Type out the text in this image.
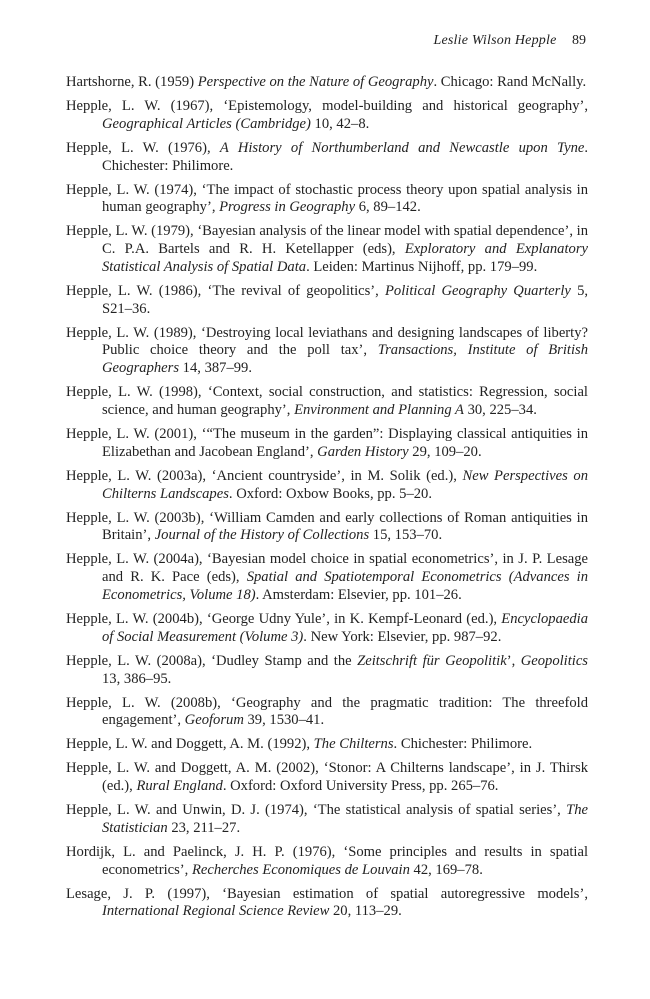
Leslie Wilson Hepple 89

Hartshorne, R. (1959) Perspective on the Nature of Geography. Chicago: Rand McNally.

Hepple, L. W. (1967), ‘Epistemology, model-building and historical geography’, Geographical Articles (Cambridge) 10, 42–8.

Hepple, L. W. (1976), A History of Northumberland and Newcastle upon Tyne. Chichester: Philimore.

Hepple, L. W. (1974), ‘The impact of stochastic process theory upon spatial analysis in human geography’, Progress in Geography 6, 89–142.

Hepple, L. W. (1979), ‘Bayesian analysis of the linear model with spatial dependence’, in C. P.A. Bartels and R. H. Ketellapper (eds), Exploratory and Explanatory Statistical Analysis of Spatial Data. Leiden: Martinus Nijhoff, pp. 179–99.

Hepple, L. W. (1986), ‘The revival of geopolitics’, Political Geography Quarterly 5, S21–36.

Hepple, L. W. (1989), ‘Destroying local leviathans and designing landscapes of liberty? Public choice theory and the poll tax’, Transactions, Institute of British Geographers 14, 387–99.

Hepple, L. W. (1998), ‘Context, social construction, and statistics: Regression, social science, and human geography’, Environment and Planning A 30, 225–34.

Hepple, L. W. (2001), ‘“The museum in the garden”: Displaying classical antiquities in Elizabethan and Jacobean England’, Garden History 29, 109–20.

Hepple, L. W. (2003a), ‘Ancient countryside’, in M. Solik (ed.), New Perspectives on Chilterns Landscapes. Oxford: Oxbow Books, pp. 5–20.

Hepple, L. W. (2003b), ‘William Camden and early collections of Roman antiquities in Britain’, Journal of the History of Collections 15, 153–70.

Hepple, L. W. (2004a), ‘Bayesian model choice in spatial econometrics’, in J. P. Lesage and R. K. Pace (eds), Spatial and Spatiotemporal Econometrics (Advances in Econometrics, Volume 18). Amsterdam: Elsevier, pp. 101–26.

Hepple, L. W. (2004b), ‘George Udny Yule’, in K. Kempf-Leonard (ed.), Encyclopaedia of Social Measurement (Volume 3). New York: Elsevier, pp. 987–92.

Hepple, L. W. (2008a), ‘Dudley Stamp and the Zeitschrift für Geopolitik’, Geopolitics 13, 386–95.

Hepple, L. W. (2008b), ‘Geography and the pragmatic tradition: The threefold engagement’, Geoforum 39, 1530–41.

Hepple, L. W. and Doggett, A. M. (1992), The Chilterns. Chichester: Philimore.

Hepple, L. W. and Doggett, A. M. (2002), ‘Stonor: A Chilterns landscape’, in J. Thirsk (ed.), Rural England. Oxford: Oxford University Press, pp. 265–76.

Hepple, L. W. and Unwin, D. J. (1974), ‘The statistical analysis of spatial series’, The Statistician 23, 211–27.

Hordijk, L. and Paelinck, J. H. P. (1976), ‘Some principles and results in spatial econometrics’, Recherches Economiques de Louvain 42, 169–78.

Lesage, J. P. (1997), ‘Bayesian estimation of spatial autoregressive models’, International Regional Science Review 20, 113–29.
